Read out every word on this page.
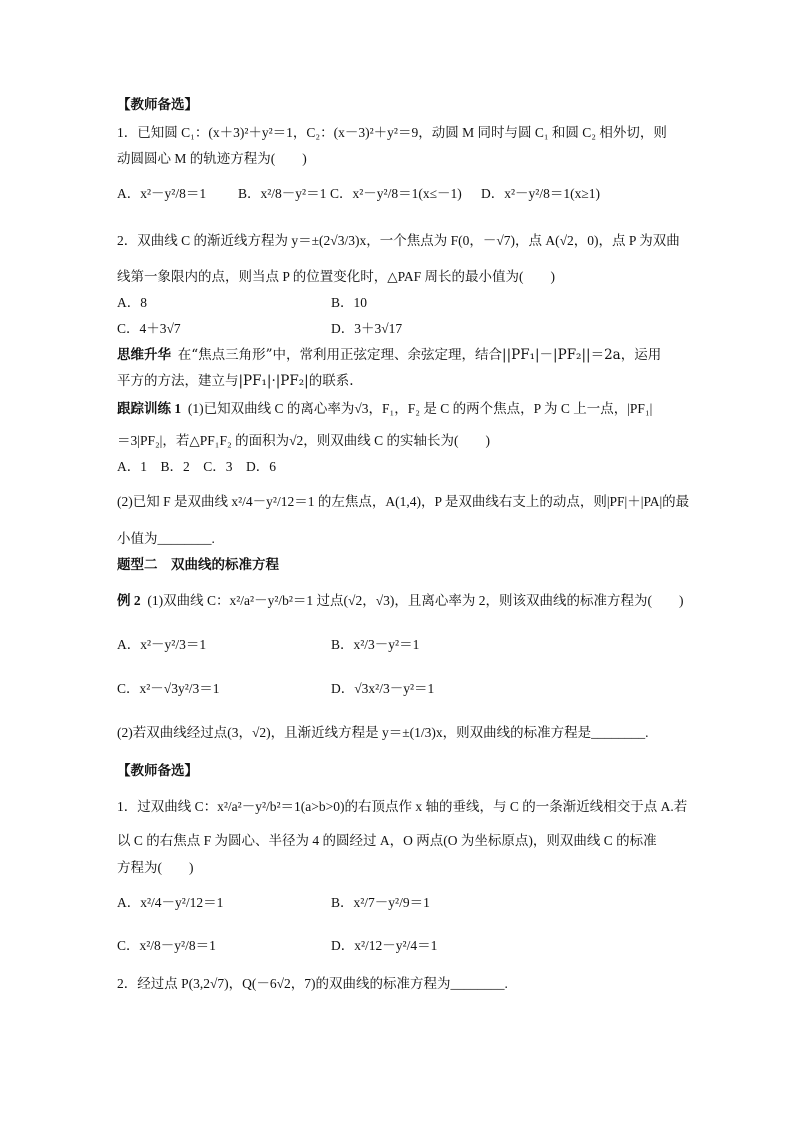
【教师备选】
1．已知圆 C₁：(x＋3)²＋y²＝1，C₂：(x－3)²＋y²＝9，动圆 M 同时与圆 C₁ 和圆 C₂ 相外切，则
动圆圆心 M 的轨迹方程为(　　)
A．x²－y²/8＝1 B．x²/8－y²＝1 C．x²－y²/8＝1(x≤－1) D．x²－y²/8＝1(x≥1)
2．双曲线 C 的渐近线方程为 y＝±(2√3/3)x，一个焦点为 F(0，－√7)，点 A(√2，0)，点 P 为双曲
线第一象限内的点，则当点 P 的位置变化时，△PAF 周长的最小值为(　　)
A．8	B．10
C．4＋3√7	D．3＋3√17
思维升华 在“焦点三角形”中，常利用正弦定理、余弦定理，结合||PF₁|－|PF₂||＝2a，运用
平方的方法，建立与|PF₁|·|PF₂|的联系.
跟踪训练 1 (1)已知双曲线 C 的离心率为√3，F₁，F₂ 是 C 的两个焦点，P 为 C 上一点，|PF₁|
＝3|PF₂|，若△PF₁F₂ 的面积为√2，则双曲线 C 的实轴长为(　　)
A．1　B．2　C．3　D．6
(2)已知 F 是双曲线 x²/4－y²/12＝1 的左焦点，A(1,4)，P 是双曲线右支上的动点，则|PF|＋|PA|的最
小值为________.
题型二　双曲线的标准方程
例 2 (1)双曲线 C：x²/a²－y²/b²＝1 过点(√2，√3)，且离心率为 2，则该双曲线的标准方程为(　　)
A．x²－y²/3＝1	B．x²/3－y²＝1
C．x²－√3y²/3＝1	D．√3x²/3－y²＝1
(2)若双曲线经过点(3，√2)，且渐近线方程是 y＝±(1/3)x，则双曲线的标准方程是________.
【教师备选】
1．过双曲线 C：x²/a²－y²/b²＝1(a>b>0)的右顶点作 x 轴的垂线，与 C 的一条渐近线相交于点 A.若
以 C 的右焦点 F 为圆心、半径为 4 的圆经过 A，O 两点(O 为坐标原点)，则双曲线 C 的标准
方程为(　　)
A．x²/4－y²/12＝1	B．x²/7－y²/9＝1
C．x²/8－y²/8＝1	D．x²/12－y²/4＝1
2．经过点 P(3,2√7)，Q(－6√2，7)的双曲线的标准方程为________.
